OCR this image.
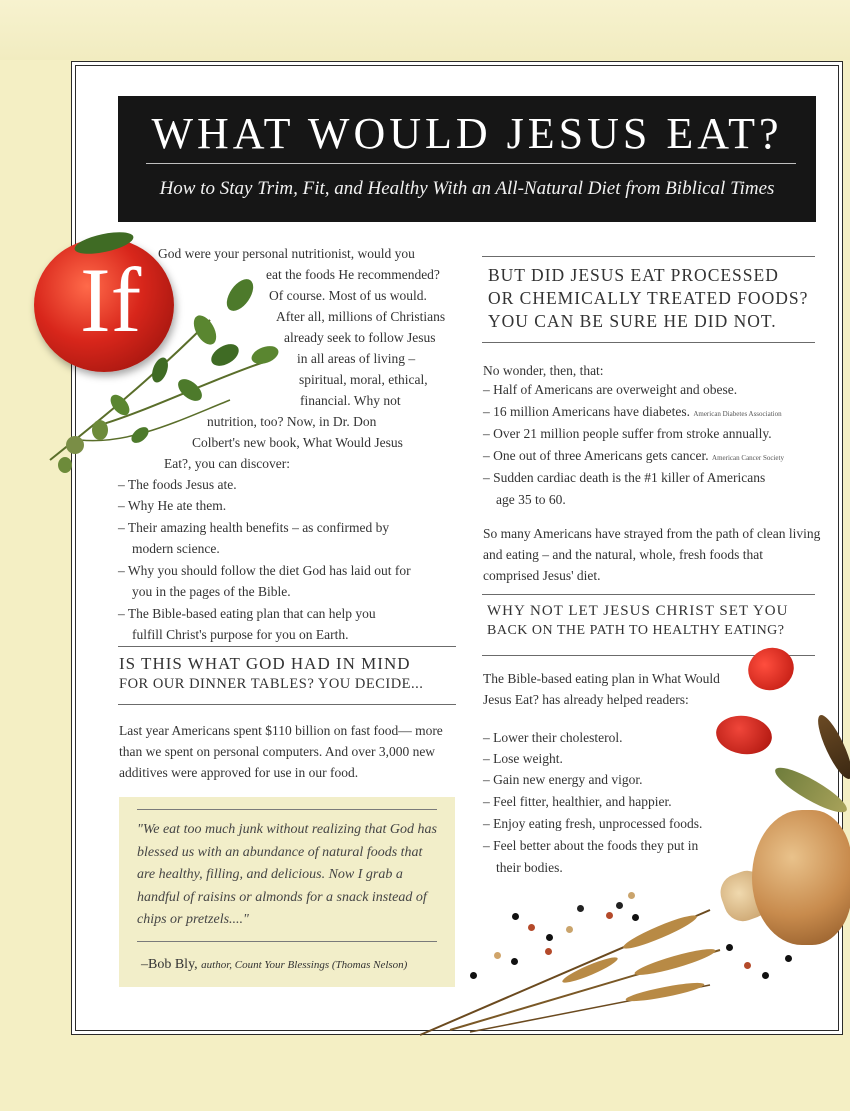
WHAT WOULD JESUS EAT?
How to Stay Trim, Fit, and Healthy With an All-Natural Diet from Biblical Times
If God were your personal nutritionist, would you
eat the foods He recommended?
Of course. Most of us would.
After all, millions of Christians
already seek to follow Jesus
in all areas of living –
spiritual, moral, ethical,
financial. Why not
nutrition, too? Now, in Dr. Don
Colbert's new book, What Would Jesus
Eat?, you can discover:
– The foods Jesus ate.
– Why He ate them.
– Their amazing health benefits – as confirmed by
modern science.
– Why you should follow the diet God has laid out for
you in the pages of the Bible.
– The Bible-based eating plan that can help you
fulfill Christ's purpose for you on Earth.
IS THIS WHAT GOD HAD IN MIND
FOR OUR DINNER TABLES? YOU DECIDE...
Last year Americans spent $110 billion on fast food— more than we spent on personal computers. And over 3,000 new additives were approved for use in our food.
"We eat too much junk without realizing that God has blessed us with an abundance of natural foods that are healthy, filling, and delicious. Now I grab a handful of raisins or almonds for a snack instead of chips or pretzels...."
–Bob Bly, author, Count Your Blessings (Thomas Nelson)
BUT DID JESUS EAT PROCESSED
OR CHEMICALLY TREATED FOODS?
YOU CAN BE SURE HE DID NOT.
No wonder, then, that:
– Half of Americans are overweight and obese.
– 16 million Americans have diabetes. American Diabetes Association
– Over 21 million people suffer from stroke annually.
– One out of three Americans gets cancer. American Cancer Society
– Sudden cardiac death is the #1 killer of Americans
age 35 to 60.
So many Americans have strayed from the path of clean living and eating – and the natural, whole, fresh foods that comprised Jesus' diet.
WHY NOT LET JESUS CHRIST SET YOU
BACK ON THE PATH TO HEALTHY EATING?
The Bible-based eating plan in What Would Jesus Eat? has already helped readers:
– Lower their cholesterol.
– Lose weight.
– Gain new energy and vigor.
– Feel fitter, healthier, and happier.
– Enjoy eating fresh, unprocessed foods.
– Feel better about the foods they put in
their bodies.
